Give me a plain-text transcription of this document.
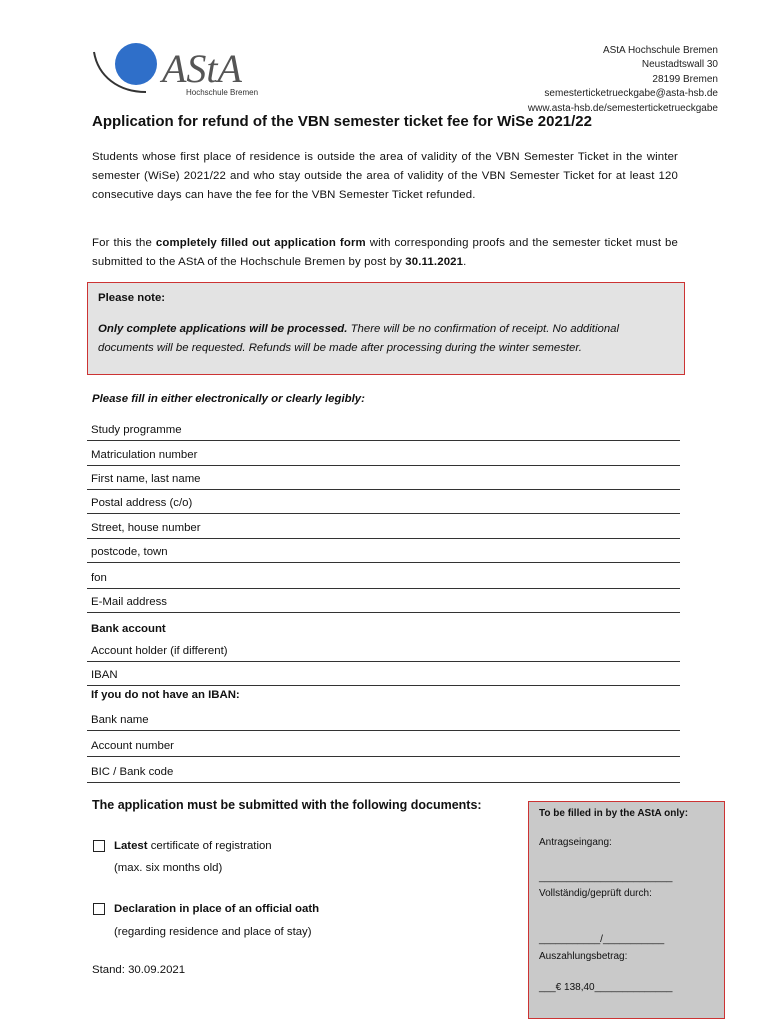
AStA
Hochschule Bremen
AStA Hochschule Bremen
Neustadtswall 30
28199 Bremen
semesterticketrueckgabe@asta-hsb.de
www.asta-hsb.de/semesterticketrueckgabe
Application for refund of the VBN semester ticket fee for WiSe 2021/22
Students whose first place of residence is outside the area of validity of the VBN Semester Ticket in the winter semester (WiSe) 2021/22 and who stay outside the area of validity of the VBN Semester Ticket for at least 120 consecutive days can have the fee for the VBN Semester Ticket refunded.
For this the completely filled out application form with corresponding proofs and the semester ticket must be submitted to the AStA of the Hochschule Bremen by post by 30.11.2021.
Please note:
Only complete applications will be processed. There will be no confirmation of receipt. No additional documents will be requested. Refunds will be made after processing during the winter semester.
Please fill in either electronically or clearly legibly:
Study programme
Matriculation number
First name, last name
Postal address (c/o)
Street, house number
postcode, town
fon
E-Mail address
Bank account
Account holder (if different)
IBAN
If you do not have an IBAN:
Bank name
Account number
BIC / Bank code
The application must be submitted with the following documents:
Latest certificate of registration
(max. six months old)
Declaration in place of an official oath
(regarding residence and place of stay)
Stand: 30.09.2021
To be filled in by the AStA only:
Antragseingang:
________________________
Vollständig/geprüft durch:
___________/___________
Auszahlungsbetrag:
___€ 138,40______________
